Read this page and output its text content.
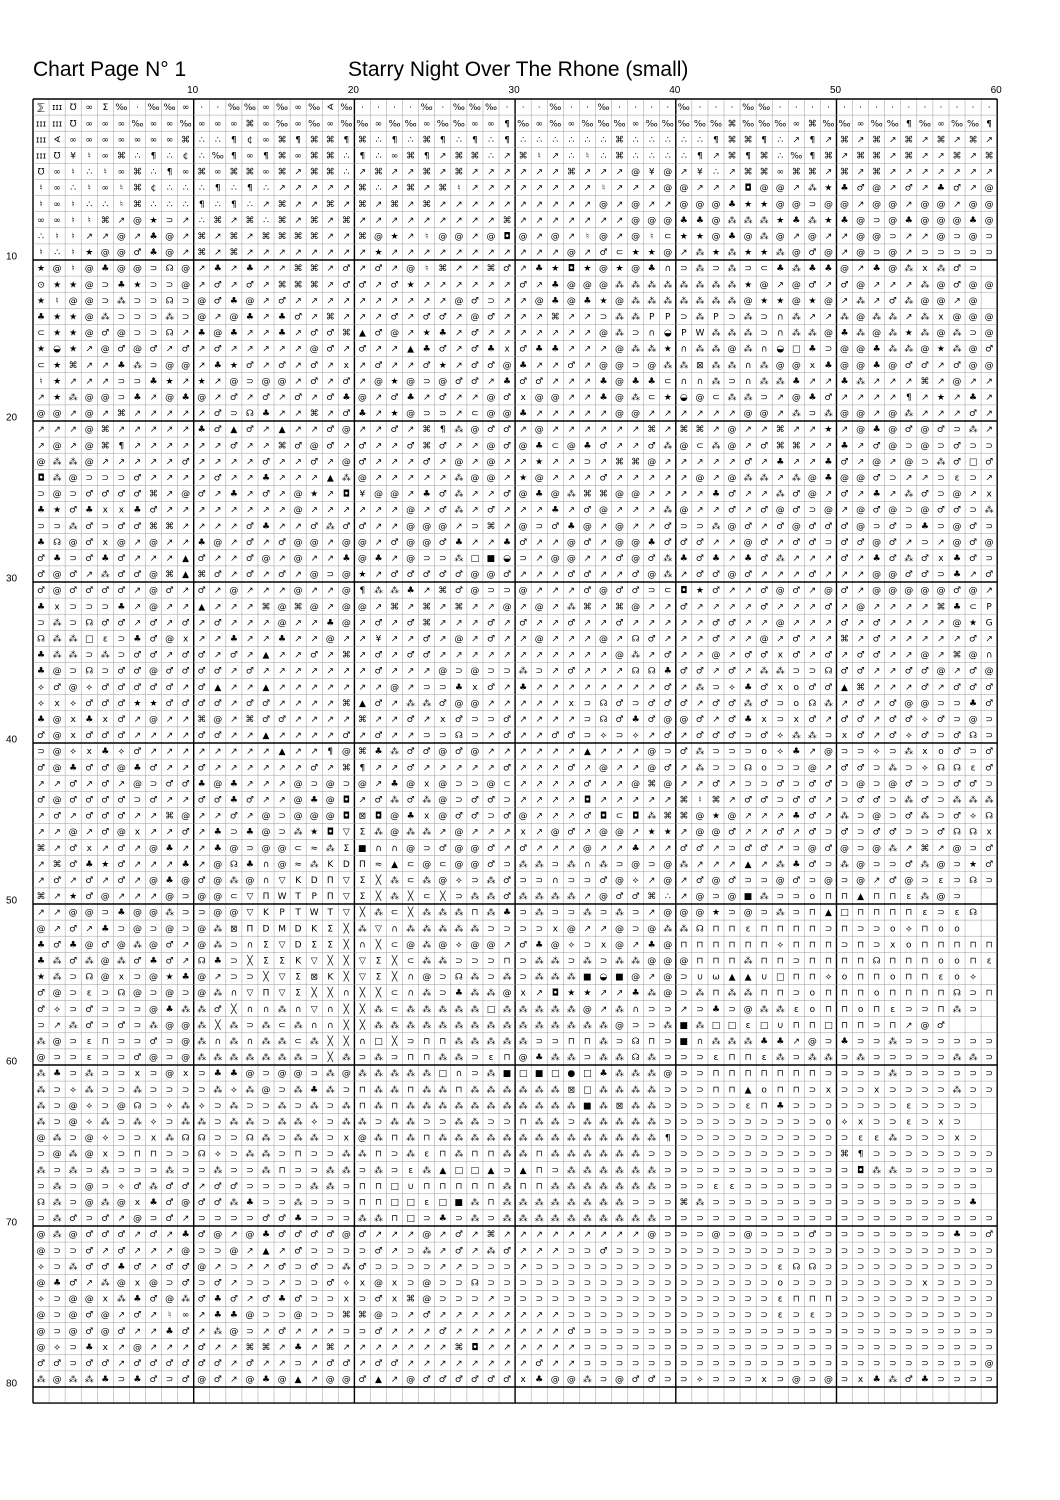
Chart Page N° 1	Starry Night Over The Rhone (small)
10	20	30	40	50	60
10
20
30
40
50
60
70
80
⅀ ɪɪɪ ℧ ∞ Σ ‰ · ‰ ‰ ∞ · · ‰ ‰ ∞ ‰ ∞ ‰ ∢ ‰ · · · · ‰ · ‰ ‰ ‰ · · · ‰ · · ‰ · · · · ‰ · · · ‰ ‰ · · · · · · · · · · · · · ·
ɪɪɪ ɪɪɪ ℧ ∞ ∞ ∞ ‰ ∞ ∞ ‰ ∞ ∞ ∞ ⌘ ∞ ‰ ∞ ‰ ∞ ‰ ‰ ∞ ‰ ‰ ∞ ‰ ‰ ∞ ∞ ¶ ‰ ∞ ‰ ∞ ‰ ‰ ‰ ∞ ‰ ‰ ‰ ‰ ‰ ⌘ ‰ ‰ ‰ ∞ ⌘ ‰ ‰ ∞ ‰ ‰ ¶ ‰ ∞ ‰ ‰ ¶
ɪɪɪ ∢ ∞ ∞ ∞ ∞ ∞ ∞ ∞ ⌘ ∴ ∴ ¶ ¢ ∞ ⌘ ¶ ⌘ ⌘ ¶ ⌘ ∴ ¶ ∴ ⌘ ¶ ∴ ¶ ∴ ¶ ∴ ∴ ∴ ∴ ∴ ∴ ⌘ ∴ ∴ ∴ ∴ ∴ ¶ ⌘ ⌘ ¶ ∴ ↗ ¶ ↗ ⌘ ↗ ⌘ ↗ ⌘ ↗ ⌘ ↗ ⌘ ↗
ɪɪɪ ℧ ¥ ♮ ∞ ⌘ ∴ ¶ ∴ ¢ ∴ ‰ ¶ ∞ ¶ ⌘ ∞ ⌘ ⌘ ∴ ¶ ∴ ∞ ⌘ ¶ ↗ ⌘ ⌘ ∴ ↗ ⌘ ♮ ↗ ∴ ♮ ∴ ⌘ ∴ ∴ ∴ ∴ ¶ ↗ ⌘ ¶ ⌘ ∴ ‰ ¶ ⌘ ↗ ⌘ ⌘ ↗ ⌘ ↗ ↗ ⌘ ↗ ⌘
℧ ∞ ♮ ∴ ♮ ∞ ⌘ ∴ ¶ ∞ ⌘ ∞ ⌘ ⌘ ∞ ⌘ ↗ ⌘ ⌘ ∴ ↗ ⌘ ↗ ↗ ⌘ ↗ ⌘ ↗ ↗ ↗ ↗ ↗ ↗ ⌘ ↗ ↗ ↗ @ ¥ @ ↗ ¥ ∴ ↗ ⌘ ⌘ ∞ ⌘ ⌘ ↗ ⌘ ↗ ⌘ ↗ ↗ ↗ ↗ ↗ ↗ ↗
♮ ∞ ∴ ♮ ∞ ♮ ⌘ ¢ ∴ ∴ ∴ ¶ ∴ ¶ ∴ ↗ ↗ ↗ ↗ ↗ ⌘ ∴ ↗ ⌘ ↗ ⌘ ♮ ↗ ↗ ↗ ↗ ↗ ↗ ↗ ↗ ♮ ↗ ↗ ↗ @ @ ↗ ↗ ↗ ◘ @ @ ↗ ⁂ ★ ♣ ♂ @ ↗ ♂ ↗ ♣ ♂ ↗ @
♮ ∞ ♮ ∴ ∴ ♮ ⌘ ∴ ∴ ∴ ¶ ∴ ¶ ∴ ↗ ⌘ ↗ ↗ ⌘ ↗ ⌘ ↗ ⌘ ↗ ⌘ ↗ ↗ ↗ ↗ ↗ ↗ ↗ ↗ ↗ ↗ @ ↗ @ ↗ ↗ @ @ @ ♣ ★ ★ @ @ ⊃ @ @ ↗ @ @ ↗ @ @ ↗ @ @
∞ ∞ ♮ ♮ ⌘ ↗ @ ★ ⊃ ↗ ∴ ⌘ ↗ ⌘ ∴ ⌘ ↗ ⌘ ↗ ⌘ ↗ ↗ ↗ ↗ ↗ ↗ ↗ ↗ ↗ ⌘ ↗ ↗ ↗ ↗ ↗ ↗ ↗ @ @ @ ♣ ♣ @ ⁂ ⁂ ⁂ ★ ♣ ⁂ ★ ♣ @ ⊃ @ ♣ @ @ @ ♣ @
∴ ♮ ♮ ↗ ↗ @ ↗ ♣ @ ↗ ⌘ ↗ ⌘ ↗ ⌘ ⌘ ⌘ ⌘ ↗ ↗ ⌘ @ ★ ↗ ♮ @ @ ↗ @ ◘ @ ↗ @ ↗ ♮ @ ↗ @ ♮ ⊂ ★ ★ @ ♣ @ ⁂ @ ↗ @ ↗ ↗ @ @ ⊃ ↗ ↗ @ ⊃ @ ⊃
♮ ∴ ♮ ★ @ @ ♂ ♣ @ ↗ ⌘ ↗ ⌘ ↗ ↗ ↗ ↗ ↗ ↗ ↗ ↗ ★ ↗ ↗ ↗ ↗ ↗ ↗ ↗ ↗ ↗ ↗ ↗ @ ↗ ♂ ⊂ ★ ★ @ ↗ ⁂ ★ ⁂ ★ ★ ⁂ @ ♂ @ ↗ @ ⊃ @ ↗ ⊃ ⊃ ⊃ ⊃ ⊃
★ @ ♮ @ ♣ @ @ ⊃ ☊ @ ↗ ♣ ↗ ♣ ↗ ↗ ⌘ ⌘ ↗ ♂ ↗ ♂ ↗ @ ♮ ⌘ ↗ ↗ ⌘ ♂ ↗ ♣ ★ ◘ ★ @ ★ @ ♣ ∩ ⊃ ⁂ ⊃ ⁂ ⊃ ⊂ ♣ ⁂ ♣ ♣ @ ↗ ♣ @ ⁂ x ⁂ ♂ ⊃
⊙ ★ ★ @ ⊃ ♣ ★ ⊃ ⊃ @ ↗ ♂ ↗ ♂ ↗ ⌘ ⌘ ⌘ ↗ ♂ ♂ ↗ ♂ ★ ↗ ↗ ↗ ↗ ↗ ↗ ♂ ↗ ♣ @ @ @ ⁂ ⁂ ⁂ ⁂ ⁂ ⁂ ⁂ ⁂ ★ @ ↗ @ ♂ ↗ ♂ @ ↗ ↗ ↗ ⁂ @ ♂ @ @
★ ♮ @ @ ⊃ ⁂ ⊃ ⊃ ☊ ⊃ @ ♂ ♣ @ ↗ ♂ ↗ ↗ ↗ ↗ ↗ ↗ ↗ ↗ ↗ ↗ @ ♂ ⊃ ↗ ↗ @ ♣ @ ♣ ★ @ ⁂ ⁂ ⁂ ⁂ ⁂ ⁂ ⁂ @ ★ ★ @ ★ @ ↗ ⁂ ↗ ♂ ⁂ @ @ ↗ @
♣ ★ ★ @ ⁂ ⊃ ⊃ ⊃ ⁂ ⊃ @ ↗ @ ♣ ↗ ♣ ♂ ↗ ⌘ ↗ ↗ ↗ ♂ ↗ ♂ ♂ ↗ @ ♂ ↗ ↗ ↗ ⌘ ↗ ↗ ⊃ ⁂ ⁂ P P ⊃ ⁂ P ⊃ ⁂ ⊃ ∩ ⁂ ↗ ↗ ⁂ @ ⁂ ⁂ ↗ ⁂ x @ @ @
⊂ ★ ★ @ ♂ @ ⊃ ⊃ ☊ ↗ ♣ @ ♣ ↗ ↗ ♣ ↗ ♂ ♂ ⌘ ▲ ♂ @ ↗ ★ ♣ ↗ ♂ ↗ ↗ ↗ ↗ ↗ ↗ ↗ @ ⁂ ⊃ ∩ ◒ P W ⁂ ⁂ ⁂ ⊃ ∩ ⁂ ⁂ @ ♣ ⁂ @ ⁂ ★ ⁂ @ ⁂ ⊃ @
★ ◒ ★ ↗ @ ♂ @ ♂ ↗ ♂ ↗ ♂ ↗ ↗ ↗ ↗ ↗ @ ♂ ↗ ♂ ↗ ↗ ▲ ♣ ♂ ↗ ♂ ♣ x ♂ ♣ ♣ ↗ ↗ ↗ @ ⁂ ⁂ ★ ∩ ⁂ ⁂ @ ⁂ ∩ ◒ □ ♣ ⊃ @ @ ♣ ⁂ ⁂ @ ★ ⁂ @ ♂
⊂ ★ ⌘ ↗ ↗ ♣ ⁂ ⊃ @ @ ↗ ♣ ★ ♂ ↗ ♂ ↗ ♂ ↗ x ↗ ♂ ↗ ↗ ♂ ★ ↗ ♂ ♂ @ ♣ ↗ ↗ ♂ ↗ @ @ ⊃ @ ⁂ ⁂ ⊠ ⁂ ⁂ ∩ ⁂ @ @ x ♣ @ @ ♣ @ ♂ ♂ ↗ ♂ @ @
♮ ★ ↗ ↗ ↗ ⊃ ⊃ ♣ ★ ↗ ★ ↗ @ ⊃ @ @ ↗ ♂ ↗ ♂ ↗ @ ★ @ ⊃ @ ♂ ♂ ↗ ♣ ♂ ♂ ↗ ↗ ↗ ♣ @ ♣ ♣ ⊂ ∩ ∩ ⁂ ⊃ ∩ ⁂ ⁂ ♣ ↗ ↗ ♣ ⁂ ↗ ↗ ↗ ⌘ ↗ @ ↗ ↗
↗ ★ ⁂ @ @ ⊃ ♣ ↗ @ ♣ @ ↗ ♂ ↗ ♂ ↗ ♂ ↗ ♂ ♣ @ ↗ ♂ ♣ ↗ ♂ ↗ ↗ @ ♂ x @ @ ↗ ↗ ♣ @ ⁂ ⊂ ★ ◒ @ ⊂ ⁂ ⁂ ⊃ ↗ @ ♣ ♂ ↗ ↗ ↗ ↗ ¶ ↗ ★ ↗ ♣ ↗
@ @ ↗ @ ↗ ⌘ ↗ ↗ ↗ ↗ ↗ ♂ ⊃ ☊ ♣ ↗ ↗ ⌘ ↗ ♂ ♣ ↗ ★ @ ⊃ ⊃ ↗ ⊂ @ @ ♣ ↗ ↗ ↗ ↗ ↗ @ @ ↗ ↗ ↗ ↗ ↗ ↗ @ @ ↗ ⁂ ⊃ ⁂ @ @ ↗ @ ⁂ ↗ ↗ ↗ ♂ ↗
↗ ↗ ↗ @ ⌘ ↗ ↗ ↗ ↗ ↗ ♣ ♂ ▲ ♂ ↗ ▲ ↗ ↗ ♂ @ ↗ ↗ ♂ ↗ ⌘ ¶ ⁂ @ ♂ ♂ ↗ @ ↗ ↗ ↗ ↗ ↗ ↗ ⌘ ↗ ⌘ ⌘ ↗ @ ↗ ↗ ⌘ ↗ ↗ ★ ↗ @ ♣ @ ♂ @ ♂ ⊃ ⁂ ↗
↗ @ ↗ @ ⌘ ¶ ↗ ↗ ↗ ↗ ↗ ↗ ♂ ↗ ↗ ⌘ ♂ @ ♂ ↗ ♂ ↗ ↗ ♂ ⌘ ♂ ↗ ↗ @ ♂ @ ♣ ⊂ @ ♣ ♂ ↗ ↗ ♂ ⁂ @ ⊂ ⁂ @ ↗ ♂ ⌘ ⌘ ↗ ↗ ♣ ↗ ♂ @ ⊃ @ ⊃ ♂ ⊃ ⊃
@ ⁂ ⁂ @ ↗ ↗ ↗ ↗ ↗ ♂ ↗ ↗ ↗ ↗ ♂ ↗ ↗ ♂ ↗ @ ♂ ↗ ↗ ↗ ♂ ↗ @ ↗ @ ↗ ↗ ★ ↗ ↗ ⊃ ↗ ⌘ ⌘ @ ↗ ↗ ↗ ↗ ↗ ♂ ↗ ♣ ↗ ↗ ♣ ♂ ↗ @ ↗ @ ⊃ ⁂ ♂ □ ♂
◘ ⁂ @ ⊃ ⊃ ⊃ ♂ ↗ ↗ ↗ ↗ ♂ ↗ ↗ ♣ ↗ ↗ ↗ ▲ ⁂ @ ↗ ↗ ↗ ↗ ↗ ⁂ @ @ ↗ ★ @ ↗ ↗ ↗ ♂ ↗ ↗ ↗ ↗ ↗ @ ↗ @ ⁂ ⁂ ↗ ⁂ @ ♣ @ @ ♂ ⊃ ↗ ↗ ⊃ ε ⊃ ↗
⊃ @ ⊃ ♂ ♂ ♂ ♂ ⌘ ↗ @ ♂ ↗ ♣ ↗ ♂ ↗ @ ★ ↗ ◘ ¥ @ @ ↗ ♣ ♂ ⁂ ↗ ↗ ♂ @ ♣ @ ⁂ ⌘ ⌘ @ @ ↗ ↗ ↗ ↗ ♣ ♂ ↗ ↗ ⁂ ♂ @ ↗ ♂ ↗ ♣ ↗ ⁂ ♂ ⊃ @ ↗ x
♣ ★ ♂ ♣ x x ♣ ♂ ↗ ↗ ↗ ↗ ↗ ↗ ↗ ↗ @ ↗ ↗ ↗ ↗ ↗ ↗ @ ↗ ♂ ⁂ ↗ ♂ ↗ ↗ ↗ ♣ ↗ ♂ @ ↗ ↗ ↗ ⁂ @ ↗ ↗ ♂ ↗ ♂ @ ♂ ⊃ @ ↗ @ ♂ @ ⊃ @ ♂ ♂ ⊃ ⁂
⊃ ⊃ ⁂ ♂ ⊃ ♂ ♂ ⌘ ⌘ ↗ ↗ ↗ ↗ ♂ ♣ ↗ ↗ ♂ ⁂ ♂ ♂ ↗ ↗ @ @ @ ↗ ⊃ ⌘ ↗ @ ⊃ ♂ ♣ @ ↗ @ ↗ ↗ ♂ ⊃ ⊃ ⁂ @ ♂ ↗ ♂ @ ♂ ♂ ♂ @ ⊃ ♂ ⊃ ♣ ⊃ @ ♂ ⊃
♣ ☊ @ ♂ x @ ↗ @ ↗ ↗ ♣ @ ↗ ♂ ↗ ♂ @ @ ↗ @ @ ↗ ♂ @ @ ♂ ♣ ↗ ↗ ♣ ♂ ↗ ↗ @ ♂ ↗ @ @ ♣ ♂ ♂ ♂ ↗ ↗ @ ♂ ↗ ♂ ♂ ⊃ ♂ ♂ @ ♂ ↗ ⊃ ↗ @ ♂ @
♂ ♣ ⊃ ♂ ♣ ♂ ↗ ↗ ↗ ▲ ♂ ↗ ↗ ♂ @ ↗ @ ↗ ↗ ♣ @ ♣ ↗ @ ⊃ ⊃ ⁂ □ ■ ◒ ⊃ ↗ @ @ ↗ ↗ ♂ @ ♂ ⁂ ♣ ♂ ♣ ↗ ♣ ♂ ⁂ ↗ ↗ ↗ ♂ ↗ ♣ ♂ ⁂ ♂ x ♣ ♂ ⊃
♂ @ ♂ ↗ ⁂ ♂ ♂ @ ⌘ ▲ ⌘ ♂ ↗ ♂ ↗ ♂ ↗ @ ⊃ @ ★ ↗ ♂ ♂ ♂ ♂ ♂ @ @ ♂ ↗ ↗ ↗ ♂ ♂ ↗ ↗ ♂ @ ⁂ ↗ ♂ ♂ @ ♂ ↗ ↗ ↗ ♂ ↗ ↗ ↗ @ @ ♂ ♂ ⊃ ♣ ↗ ♂
♂ @ ♂ ♂ ♂ ♂ ↗ @ ♂ ↗ ♂ ↗ @ ↗ ↗ ↗ @ ↗ ↗ @ ¶ ⁂ ⁂ ♣ ↗ ⌘ ♂ @ ⊃ ⊃ @ ↗ ↗ ↗ ♂ @ ♂ ♂ ⊃ ⊂ ◘ ★ ♂ ↗ ↗ ♂ @ ♂ ↗ @ ♂ ↗ @ @ @ @ @ ♂ @ ↗
♣ x ⊃ ⊃ ⊃ ♣ ↗ @ ↗ ↗ ▲ ↗ ↗ ↗ ⌘ @ ⌘ @ ↗ @ @ ↗ ⌘ ↗ ⌘ ↗ ⌘ ↗ ↗ @ ↗ @ ↗ ⁂ ⌘ ↗ ⌘ @ ↗ ↗ ♂ ↗ ↗ ↗ ↗ ♂ ↗ ↗ ↗ ♂ ↗ @ ↗ ↗ ↗ ↗ ⌘ ♣ ⊂ P
⊃ ⁂ ⊃ ☊ ♂ ♂ ↗ ♂ ↗ ♂ ↗ ♂ ↗ ↗ ↗ @ ↗ ↗ ♣ @ ↗ ♂ ↗ ♂ ⌘ ↗ ↗ ↗ ♂ ↗ ♂ ↗ ↗ ♂ ↗ ↗ ♂ ↗ ↗ ↗ ↗ ↗ ♂ ♂ ↗ ↗ @ ↗ ↗ ↗ ♂ ↗ ♂ ↗ ↗ ↗ ↗ @ ★ G
☊ ⁂ ⁂ □ ε ⊃ ♣ ♂ @ x ↗ ↗ ♣ ↗ ↗ ♣ ↗ ↗ @ ↗ ↗ ¥ ↗ ↗ ♂ ↗ @ ↗ ♂ ↗ ↗ @ ↗ ↗ ↗ @ ↗ ☊ ♂ ↗ ↗ ↗ ♂ ↗ ↗ @ ↗ ♂ ↗ ↗ ⌘ ↗ ♂ ↗ ↗ ↗ ↗ ↗ ♂ ↗
♣ ⁂ ⁂ ⊃ ⁂ ⊃ ♂ ♂ ↗ ♂ ♂ ↗ ♂ ↗ ▲ ↗ ↗ ♂ ↗ ⌘ ↗ ♂ ↗ ♂ ♂ ↗ ↗ ↗ ↗ ↗ ↗ ↗ ↗ ↗ ↗ ↗ @ ⁂ ↗ ♂ ↗ ↗ @ ↗ ♂ ♂ x ♂ ↗ ♂ ↗ ♂ ♂ ↗ ↗ @ ↗ ⌘ @ ∩
♣ @ ⊃ ☊ ⊃ ♂ ♂ @ ♂ ♂ ♂ ♂ ↗ ♂ ↗ ↗ ↗ ↗ ↗ ↗ ↗ ♂ ↗ ↗ ↗ @ ⊃ @ ⊃ ⊃ ⁂ ⊃ ↗ ♂ ↗ ↗ ↗ ☊ ☊ ♣ ♂ ♂ ↗ ♂ ↗ ⁂ ⁂ ⊃ ⊃ ☊ ♂ ♂ ↗ ↗ ♂ ♂ @ ↗ ♂ @
⟡ ♂ @ ⟡ ♂ ♂ ♂ ♂ ♂ ↗ ♂ ▲ ↗ ↗ ▲ ↗ ↗ ↗ ↗ ↗ ↗ ↗ @ ↗ ⊃ ⊃ ♣ x ♂ ↗ ♣ ↗ ↗ ↗ ↗ ↗ ↗ ↗ ↗ ♂ ↗ ⁂ ⊃ ⟡ ♣ ♂ x o ♂ ♂ ▲ ⌘ ↗ ↗ ↗ ♂ ↗ ♂ ♂ ♂
⟡ x ⟡ ♂ ♂ ♂ ★ ★ ♂ ♂ ♂ ♂ ↗ ♂ ♂ ↗ ↗ ↗ ↗ ⌘ ▲ ♂ ↗ ⁂ ⁂ ♂ @ @ ↗ ↗ ↗ ↗ ↗ x ⊃ ☊ ♂ ⊃ ♂ ♂ ♂ ↗ ♂ ♂ ⁂ ♂ ⊃ o ☊ ⁂ ↗ ♂ ↗ ♂ @ @ ⊃ ⊃ ♣ ♂
♣ @ x ♣ x ♂ ↗ @ ↗ ↗ ⌘ @ ↗ ⌘ ♂ ♂ ↗ ↗ ↗ ↗ ⌘ ↗ ↗ ♂ ↗ x ♂ ⊃ ⊃ ♂ ↗ ↗ ↗ ↗ ⊃ ☊ ♂ ♣ ♂ @ @ ♂ ↗ ♂ ♣ x ⊃ x ♂ ↗ ♂ ♂ ↗ ♂ ♂ ⟡ ♂ ⊃ @ ⊃
♂ @ x ♂ ♂ ♂ ↗ ↗ ↗ ↗ ♂ ♂ ↗ ↗ ▲ ↗ ↗ ↗ ↗ ♂ ↗ ♂ ↗ ↗ ⊃ ⊃ ☊ ⊃ ↗ ♂ ↗ ↗ ♂ ♂ ⊃ ⟡ ⊃ ⟡ ↗ ♂ ↗ ♂ ♂ ♂ ⊃ ♂ ⟡ ⁂ ⁂ ⊃ x ♂ ↗ ♂ ⟡ ♂ ⊃ ♂ ☊ ⊃
⊃ @ ⟡ x ♣ ⟡ ♂ ↗ ↗ ↗ ↗ ↗ ↗ ↗ ↗ ▲ ↗ ↗ ¶ @ ⌘ ♣ ⁂ ♂ ♂ @ ♂ @ ↗ ↗ ↗ ↗ ↗ ↗ ▲ ↗ ↗ ↗ @ ⊃ ♂ ⁂ ⊃ ⊃ ⊃ o ⟡ ♣ ↗ @ ⊃ ⊃ ⟡ ⊃ ⁂ x o ♂ ⊃ ♂
♂ @ ♣ ♂ ♂ @ ♣ ♂ ↗ ↗ ♂ ↗ ↗ ↗ ↗ ↗ ↗ ♂ ↗ ⌘ ¶ ↗ ↗ ♂ ↗ ↗ ↗ ↗ ↗ ♂ ↗ ↗ ↗ ♂ ↗ @ ↗ ↗ @ ♂ ↗ ⁂ ⊃ ⊃ ☊ o ⊃ ⊃ @ ↗ ♂ ♂ ⊃ ⁂ ⊃ ⟡ ☊ ☊ ε ♂
↗ ↗ ♂ ↗ ♂ ↗ @ ⊃ ♂ ♂ ♣ @ ♣ ↗ ↗ ↗ @ ⊃ @ ⊃ @ ↗ ♣ @ x @ ⊃ ⊃ @ ⊂ ↗ ↗ ↗ ↗ ♂ ↗ ↗ @ ⌘ @ ↗ ↗ ♂ ↗ ⊃ ⊃ ♂ ⊃ ♂ ♂ ⊃ @ ⊃ @ ♂ ⊃ ⊃ ♂ ♂ ⊃
♂ @ ♂ ♂ ♂ ♂ ⊃ ♂ ↗ ↗ ♂ ♂ ♣ ♂ ↗ ↗ @ ♣ @ ◘ ↗ ♂ ⁂ ♂ ⁂ @ ⊃ ♂ ♂ ⊃ ↗ ↗ ↗ ↗ ◘ ↗ ↗ ↗ ↗ ↗ ⌘ ♮ ⌘ ↗ ♂ ♂ ⊃ ♂ ♂ ↗ ⊃ ♂ ♂ ⊃ ⁂ ♂ ⊃ ⁂ ⁂ ⁂
↗ ♂ ↗ ♂ ♂ ♂ ↗ ↗ ⌘ @ ↗ ↗ ♂ ↗ @ ⊃ @ @ @ ◘ ⊠ ◘ @ ♣ x @ ♂ ♂ ⊃ ♂ @ ↗ ↗ ↗ ♂ ◘ ⊂ ◘ ⁂ ⌘ ⌘ @ ★ @ ↗ ↗ ↗ ♣ ♂ ↗ ⁂ ⊃ @ ⊃ ♂ ⁂ ⊃ ♂ ⟡ ☊
↗ ↗ @ ↗ ♂ @ x ↗ ↗ ♂ ↗ ♣ ⊃ ♣ @ ⊃ ⁂ ★ ◘ ▽ Σ ⁂ @ ⁂ ⁂ ↗ @ ↗ ↗ ↗ x ↗ @ ♂ ↗ @ @ ↗ ★ ★ ↗ @ @ ♂ ↗ ↗ ♂ ↗ ♂ ⊃ ♂ ⊃ ♂ ♂ ⊃ ⊃ ♂ ☊ ☊ x
⌘ ↗ ♂ x ↗ ♂ ↗ @ ♣ ↗ ↗ ♣ @ ⊃ @ @ ⊂ ≈ ⁂ Σ ■ ∩ ∩ @ ⊃ ♂ @ @ ♂ ↗ ♂ ↗ ↗ ↗ @ ↗ ↗ ♣ ↗ ↗ ♂ ♂ ↗ ⊃ ♂ ♂ ↗ ⊃ @ ♂ @ ⊃ @ ⁂ ↗ ⌘ ↗ @ ⊃ ♂
↗ ⌘ ♂ ♣ ★ ♂ ↗ ↗ ↗ ♣ ↗ @ ☊ ♣ ∩ @ ≈ ⁂ K D Π ≈ ▲ ⊂ @ ⊂ @ @ ♂ ⊃ ⁂ ⁂ ⊃ ⁂ ∩ ⁂ ⊃ @ ⊃ @ ⁂ ↗ ↗ ↗ ▲ ↗ ⁂ ♣ ♂ ⊃ ⁂ @ ⊃ ⊃ ♂ ⁂ @ ⊃ ★ ♂
↗ ♂ ↗ ♂ ↗ ♂ ↗ @ ♣ @ ♂ @ ⁂ @ ∩ ▽ K D Π ▽ Σ ╳ ⁂ ⊂ ⁂ @ ⟡ ⊃ ⁂ ♂ ⊃ ⊃ ∩ ⊃ ⊃ ♂ @ ⟡ ↗ @ ↗ ♂ @ ♂ ⊃ ⊃ @ ♂ ⊃ @ ⊃ @ ↗ ♂ @ ⊃ ε ⊃ ☊ ⊃
⌘ ↗ ★ ♂ @ ↗ ↗ ↗ @ ⊃ @ @ ⊂ ▽ Π W T P Π ▽ Σ ╳ ⁂ ╳ ⊂ ╳ ⊃ ⁂ ⁂ ♂ ⁂ ⁂ ⁂ ⁂ ↗ @ ♂ ♂ ⌘ ∴ ↗ @ ⊃ @ ■ ⁂ ⊃ ⊃ o ⊓ ⊓ ▲ ⊓ ⊓ ε ⁂ @ ⊃
↗ ↗ @ @ ⊃ ♣ @ @ ⁂ ⊃ ⊃ @ @ ▽ K P T W T ▽ ╳ ⁂ ⊂ ╳ ⁂ ⁂ ⁂ ⊓ ⁂ ♣ ⊃ ⁂ ⊃ ⊃ ⁂ ⊃ ⁂ ⊃ ↗ @ @ @ ★ ⊃ @ ⊃ ⁂ ⊃ ⊓ ▲ □ ⊓ ⊓ ⊓ ⊓ ε ⊃ ε ☊
@ ↗ ♂ ↗ ♣ ⊃ @ ⊃ @ ⊃ @ ⁂ ⊠ Π D M D K Σ ╳ ⁂ ▽ ∩ ⁂ ⁂ ⁂ ⁂ ⁂ ⊃ ⊃ ⊃ ⊃ x @ ↗ ↗ @ ⊃ @ ⁂ ⁂ ☊ ⊓ ⊓ ε ⊓ ⊓ ⊓ ⊓ ⊃ ⊓ ⊃ ⊃ o ⟡ ⊓ o o
♣ ♂ ♣ @ ♂ @ ⁂ @ ♂ ↗ @ ⁂ ⊃ ∩ Σ ▽ D Σ Σ ╳ ∩ ╳ ⊂ @ ⁂ @ ⟡ @ @ ↗ ♂ ♣ @ ⟡ ⊃ x @ ↗ ♣ @ ⊓ ⊓ ⊓ ⊓ ⊓ ⊓ ⟡ ⊓ ⊓ ⊓ ⊃ ⊓ ⊃ x o ⊓ ⊓ ⊓ ⊓ ⊓
♣ ⁂ ♂ ⁂ @ ⁂ ♂ ♣ ♂ ↗ ☊ ♣ ⊃ ╳ Σ Σ K ▽ ╳ ╳ ▽ Σ ╳ ⊂ ⁂ ⁂ ⊃ ⊃ ⊃ ⊓ ⊃ ⁂ ⁂ ⊃ ⁂ ⊃ ⁂ ⁂ @ @ @ ⊓ ⊓ ⊓ ⁂ ⊓ ⊓ ⊃ ⊓ ⊓ ⊓ ⊓ ☊ ⊓ ⊓ ⊓ o o ⊓ ε
★ ⁂ ⊃ ☊ @ x ⊃ @ ★ ♣ @ ↗ ⊃ ⊃ ╳ ▽ Σ ⊠ K ╳ ▽ Σ ╳ ∩ @ ⊃ ☊ ⁂ ⊃ ⁂ ⊃ ⁂ ⁂ ⁂ ■ ◒ ■ @ ↗ @ ⊃ ∪ ω ▲ ▲ ∪ □ ⊓ ⊓ ⟡ o ⊓ ⊓ o ⊓ ⊓ ε o ⟡
♂ @ ⊃ ε ⊃ ☊ @ ⊃ @ ⊃ @ ⁂ ∩ ▽ Π ▽ Σ ╳ ╳ ∩ ╳ ╳ ⊂ ∩ ⁂ ⊃ ♣ ⁂ ⁂ @ x ↗ ◘ ★ ★ ↗ ↗ ♣ ⁂ @ ⊃ ⁂ ⊓ ⁂ ⁂ ⊓ ⊓ ⊃ o ⊓ ⊓ ⊓ o ⊓ ⊓ ⊓ ⊓ ☊ ⊃ ⊓
♂ ⟡ ⊃ ♂ ⊃ ⊃ ⊃ @ ♣ ⁂ ⁂ ♂ ╳ ∩ ∩ ⁂ ∩ ▽ ∩ ╳ ╳ ⁂ ⊂ ⁂ ⁂ ⁂ ⁂ ⁂ □ ⁂ ⁂ ⁂ ⁂ ⁂ @ ↗ ⁂ ∩ ⊃ ⊃ ↗ ⊃ ♣ ⊃ @ ⁂ ⁂ ε o ⊓ ⊓ o ⊓ ε ⊃ ⊃ ⊓ ⁂ ⊃
⊃ ↗ ⁂ ♂ ⊃ ♂ ⊃ ⁂ @ @ ⁂ ╳ ⁂ ⊃ ⁂ ⊂ ⁂ ∩ ∩ ╳ ╳ ⁂ ⁂ ⁂ ⁂ ⁂ ⁂ ⁂ ⁂ ⁂ ⁂ ⁂ ⁂ ⁂ ⁂ ⁂ @ ⊃ ⊃ ⁂ ■ ⁂ □ □ ε □ ∪ ⊓ ⊓ □ ⊓ ⊓ ⊃ ⊓ ↗ @ ♂
⁂ @ ⊃ ε ⊓ ⊃ ⊃ ♂ ⊃ @ ⁂ ∩ ⁂ ∩ ⁂ ⁂ ⊂ ⁂ ╳ ╳ ∩ □ ╳ ⊃ ⊓ ⊓ ⁂ ⁂ ⁂ ⁂ ⁂ ⊃ ⊃ ⊓ ⊓ ⁂ ⊃ ☊ ⊓ ⊃ ■ ∩ ⁂ ⁂ ⁂ ♣ ♣ ↗ @ ⊃ ♣ ⊃ ⊃ ⁂ ⊃ ⊃ ⊃ ⊃ ⊃ ⊃
@ ⊃ ⊃ ε ⊃ ⊃ ♂ @ ⊃ @ ⁂ ⁂ ⁂ ⁂ ⁂ ⁂ ⁂ ⊃ ╳ ⁂ ⊃ ⁂ ⊃ ⊓ ⊓ ⁂ ⁂ ⊃ ε ⊓ @ ♣ ⁂ ⁂ ⊃ ⁂ ⁂ ☊ ⁂ ⊃ ⊃ ⊃ ε ⊓ ⊓ ε ⁂ ⊃ ⁂ ⁂ ⊃ ⁂ ⊃ ⊃ ⊃ ⊃ ⊃ ⁂ ⁂ ⊃
⁂ ♣ ⊃ ⁂ ⊃ ⊃ x ⊃ @ x ⊃ ♣ ♣ @ ⊃ @ @ ⊃ ⁂ @ ⁂ ⁂ ⁂ ⁂ ⁂ □ ∩ ⊃ ⁂ ■ □ ■ □ ● □ ♣ ⁂ ⁂ ⁂ @ ⊃ ⊃ ⊓ ⊓ ⊓ ⊓ ⊓ ⊓ ⊓ ⊃ ⊃ ⊃ ⊃ ⁂ ⊃ ⊃ ⊃ ⊃ ⊃ ⊃
⁂ ⊃ ⟡ ⁂ ⊃ ⊃ ⁂ ⊃ ⊃ ⊃ ⊃ ⁂ ⟡ ⁂ @ ⊃ ⁂ ♣ ⁂ ⊃ ⊓ ⁂ ⁂ ⊓ ⁂ ⁂ ⊓ ⁂ ⁂ ⁂ ⁂ ⁂ ⁂ ⊠ □ ⁂ ⁂ ⁂ ⁂ ⊃ ⊃ ⊃ ⊓ ⊓ ▲ o ⊓ ⊓ ⊃ x ⊃ ⊃ x ⊃ ⊃ ⊃ ⊃ ⁂ ⊃ ⊃
⁂ ⊃ @ ⟡ ⊃ @ ☊ ⊃ ⟡ ⁂ ⟡ ⊃ ⁂ ⊃ ⊃ ⁂ ⊃ ⁂ ⊃ ⁂ ⊓ ⁂ ⊓ ⁂ ⁂ ⁂ ⁂ ⁂ ⁂ ⁂ ⁂ ⁂ ⁂ ⁂ ■ ⁂ ⊠ ⁂ ⁂ ⊃ ⊃ ⊃ ⊃ ⊃ ε ⊓ ♣ ⊃ ⊃ ⊃ ⊃ ⊃ ⊃ ⊃ ε ⊃ ⊃ ⊃ ⊃
⁂ ⊃ @ ⟡ ⁂ ⊃ ⁂ ⟡ ⊃ ⁂ ⁂ ⊃ ⁂ ⁂ ⊃ ⁂ ⁂ ⟡ ⊃ ⁂ ⁂ ⊃ ⁂ ⁂ ⊃ ⊃ ⁂ ⁂ ⊃ ⊃ ⊓ ⁂ ⁂ ⊃ ⁂ ⁂ ⁂ ⁂ ⁂ ⊃ ⊃ ⊃ ⊃ ⊃ ⊃ ⊃ ⊃ ⊃ ⊃ o ⟡ x ⊃ ⊃ ε ⊃ x ⊃
@ ⁂ ⊃ @ ⟡ ⊃ ⊃ x ⁂ ☊ ☊ ⊃ ⊃ ☊ ⁂ ⊃ ⁂ ⁂ ⊃ x @ ⁂ ⊓ ⁂ ⊓ ⁂ ⁂ ⁂ ⁂ ⁂ ⁂ ⁂ ⁂ ⁂ ⁂ ⁂ ⁂ ⁂ ⁂ ¶ ⊃ ⊃ ⊃ ⊃ ⊃ ⊃ ⊃ ⊃ ⊃ ⊃ ⊃ ε ε ⁂ ⊃ ⊃ ⊃ x ⊃
⊃ @ ⁂ @ x ⊃ ⊓ ⊓ ⊃ ⊃ ☊ ⟡ ⊃ ⁂ ⁂ ⊃ ⊓ ⊃ ⊃ ⁂ ⁂ ⊓ ⊃ ⁂ ε ⊓ ⁂ ⊓ ⊓ ⁂ ⁂ ⊓ ⁂ ⁂ ⁂ ⁂ ⁂ ⁂ ⊃ ⊃ ⊃ ⊃ ⊃ ⊃ ⊃ ⊃ ⊃ ⊃ ⊃ ⊃ ⌘ ¶ ⊃ ⊃ ⊃ ⊃ ⊃ ⊃ ⊃ ⊃
⁂ ⊃ ⁂ ⊃ ⁂ ⊃ ⊃ ⊃ ⁂ ⊃ ⊃ ⁂ ⊃ ⊃ ⁂ ⊓ ⊃ ⊃ ⁂ ⁂ ⊃ ⁂ ⊃ ε ⁂ ▲ □ □ ▲ ⊃ ▲ ⊓ ⊃ ⁂ ⁂ ⁂ ⁂ ⁂ ⁂ ⊃ ⊃ ⊃ ⊃ ⊃ ⊃ ⊃ ⊃ ⊃ ⊃ ⊃ ⊃ ◘ ⁂ ⁂ ⊃ ⊃ ⊃ ⊃ ⊃ ⊃
⊃ ⁂ ⊃ @ ⊃ ⟡ ♂ ⁂ ♂ ♂ ↗ ♂ ♂ ⊃ ⊃ ⊃ ⊃ ⁂ ⁂ ⊃ ⊓ ⊓ □ ∪ ⊓ ⊓ ⊓ ⊓ ⊓ ⁂ ⊓ ⊓ ⁂ ⁂ ⁂ ⁂ ⁂ ⁂ ⁂ ⊃ ⊃ ⊃ ε ε ⊃ ⊃ ⊃ ⊃ ⊃ ⊃ ⊃ ⊃ ⊃ ⊃ ⊃ ⊃ ⊃ ⊃ ⊃
☊ ⁂ ⊃ @ ⁂ @ x ♣ ♂ @ ♂ ♂ ⁂ ♣ ⊃ ⊃ ⁂ ⊃ ⊃ ⊃ ⊓ ⊓ □ □ ε □ ■ ⁂ ⊓ ⁂ ⁂ ⁂ ⁂ ⁂ ⁂ ⁂ ⁂ ⊃ ⊃ ⊃ ⌘ ⁂ ⊃ ⊃ ⊃ ⊃ ⊃ ⊃ ⊃ ⊃ ⊃ ⊃ ⊃ ⊃ ⊃ ⊃ ⊃ ⊃ ♣
⊃ ⁂ ♂ ⊃ ♂ ↗ @ ⊃ ♂ ↗ ⊃ ⊃ ⊃ ⊃ ♂ ♂ ♣ ⊃ ⊃ ⊃ ⁂ ⁂ ⊓ □ ⊃ ♣ ⊃ ⁂ ⊃ ⁂ ⁂ ⁂ ⁂ ⁂ ⁂ ⁂ ⁂ ⁂ ⁂ ⊃ ⊃ ⊃ ⊃ ⊃ ⊃ ⊃ ⊃ ⊃ ⊃ ⊃ ⊃ ⊃ ⊃ ⊃ ⊃ ⊃ ⊃ ⊃ ⊃ ⊃
@ ⁂ @ ♂ ♂ ♂ ↗ ♂ ↗ ♣ ♂ @ ↗ @ ♣ ♂ ♂ ♂ ♂ @ ♂ ↗ ↗ ↗ @ ↗ ♂ ↗ ⌘ ↗ ↗ ↗ ↗ ↗ ↗ ↗ ↗ ↗ @ ⊃ ⊃ ⊃ @ ⊃ @ ⊃ ⊃ ⊃ ♂ ⊃ ⊃ ⊃ ⊃ ⊃ ⊃ ⊃ ⊃ ♣ ⊃ ♂
@ ⊃ ⊃ ♂ ↗ ♂ ↗ ↗ ↗ @ ⊃ ⊃ @ ↗ ▲ ↗ ♂ ⊃ ⊃ ⊃ ⊃ ♂ ↗ ⊃ ⁂ ↗ ♂ ↗ ⁂ ♂ ↗ ↗ ↗ ⊃ ⊃ ♂ ⊃ ⊃ ⊃ ⊃ ⊃ ⊃ ⊃ ⊃ ⊃ ⊃ ⊃ ⊃ ⊃ ⊃ ⊃ ⊃ ⊃ ⊃ ⊃ ⊃ ⊃ ⊃ ⊃ ⊃
⟡ ⊃ ⁂ ♂ ♂ ♣ ♂ ↗ ♂ ♂ @ ↗ ⊃ ↗ ↗ ♂ ⊃ ♂ ⊃ ⁂ ♂ ⊃ ⊃ ⊃ ⊃ ↗ ↗ ⊃ ⊃ ⊃ ↗ ⊃ ⊃ ⊃ ⊃ ⊃ ⊃ ⊃ ⊃ ⊃ ⊃ ⊃ ⊃ ⊃ ⊃ ⊃ ε ☊ ☊ ⊃ ⊃ ⊃ ⊃ ⊃ ⊃ ⊃ ⊃ ⊃ ⊃ ⊃
@ ♣ ♂ ↗ ⁂ @ x @ ⊃ ♂ ⊃ ♂ ↗ ⊃ ⊃ ↗ ⊃ ⊃ ♂ ⟡ x @ x ⊃ @ ⊃ ⊃ ☊ ⊃ ⊃ ⊃ ⊃ ⊃ ⊃ ⊃ ⊃ ⊃ ⊃ ⊃ ⊃ ⊃ ⊃ ⊃ ⊃ ⊃ ⊃ o ⊃ ⊃ ⊃ ⊃ ⊃ ⊃ ⊃ ⊃ x ⊃ ⊃ ⊃ ⊃
⟡ ⊃ @ @ x ⁂ ♣ ♂ @ ⁂ ♂ ♣ ♂ ↗ ♂ ♣ ♂ ⊃ ⊃ x ⊃ ♂ x ⌘ @ ⊃ ⊃ ⊃ ↗ ⊃ ⊃ ⊃ ⊃ ⊃ ⊃ ⊃ ⊃ ⊃ ⊃ ⊃ ⊃ ⊃ ⊃ ⊃ ⊃ ⊃ ε ⊓ ⊓ ⊓ ⊃ ⊃ ⊃ ⊃ ⊃ ⊃ ⊃ ⊃ ⊃ ⊃
@ ⊃ @ ♂ @ ↗ ♂ ↗ ♮ ∞ ↗ ♣ ♣ @ ⊃ ⊃ @ ⊃ ⊃ ⌘ ⌘ @ ⊃ ↗ ♂ ↗ ↗ ↗ ↗ ↗ ↗ ↗ ↗ ⊃ ⊃ ⊃ ⊃ ⊃ ⊃ ⊃ ⊃ ⊃ ⊃ ⊃ ⊃ ⊃ ε ⊃ ε ⊃ ⊃ ⊃ ⊃ ⊃ ⊃ ⊃ ⊃ ⊃ ⊃ ⊃
@ ⊃ @ ♂ @ ♂ ↗ ↗ ♣ ♂ ↗ ⁂ @ ⊃ ↗ ♂ ↗ ↗ ↗ ⊃ ⊃ ♂ ↗ ↗ ↗ ♂ ↗ ↗ ↗ ↗ ↗ ↗ ↗ ♂ ⊃ ⊃ ⊃ ⊃ ⊃ ⊃ ⊃ ⊃ ⊃ ⊃ ⊃ ⊃ ⊃ ⊃ ⊃ ⊃ ⊃ ⊃ ⊃ ⊃ ⊃ ⊃ ⊃ ⊃ ⊃ ⊃
@ ⟡ ⊃ ♣ x ↗ @ ↗ ↗ ↗ ♂ ↗ ↗ ⌘ ⌘ ↗ ♣ ↗ ⌘ ↗ ↗ ↗ ↗ ↗ ↗ ↗ ⌘ ◘ ↗ ↗ ↗ ↗ ↗ ↗ ⊃ ⊃ ⊃ ⊃ ⊃ ⊃ ⊃ ⊃ ⊃ ⊃ ⊃ ⊃ ⊃ ⊃ ⊃ ⊃ ⊃ ⊃ ⊃ ⊃ ⊃ ⊃ ⊃ ⊃ ⊃ ⊃
♂ ♂ ⊃ ♂ ♂ ↗ ♂ ♂ ♂ ♂ ♂ ♂ ↗ ♂ ↗ ↗ ⊃ ↗ ♂ ♂ ↗ ♂ ♂ ↗ ↗ ↗ ↗ ↗ ↗ ↗ ↗ ♂ ↗ ↗ ⊃ ⊃ ⊃ ⊃ ⊃ ⊃ ⊃ ⊃ ⊃ ⊃ ⊃ ⊃ ⊃ ⊃ ⊃ ⊃ ⊃ ⊃ ⊃ ⊃ ⊃ ⊃ ⊃ ⊃ ⊃ @
⁂ @ ⁂ ⁂ ♣ ⊃ ♣ ♂ ⊃ ♂ @ ♂ ↗ @ ♣ @ ▲ ↗ @ @ ♂ ▲ ↗ @ ♂ ♂ ♂ ♂ ♂ ♂ x ♣ @ @ ⁂ ⊃ @ ♂ ♂ ⊃ ⊃ ⟡ ⊃ ⊃ ⊃ x ⊃ @ ⊃ @ ⊃ x ♣ ⁂ ♂ ♣ ⊃ ⊃ ⊃ ⊃
